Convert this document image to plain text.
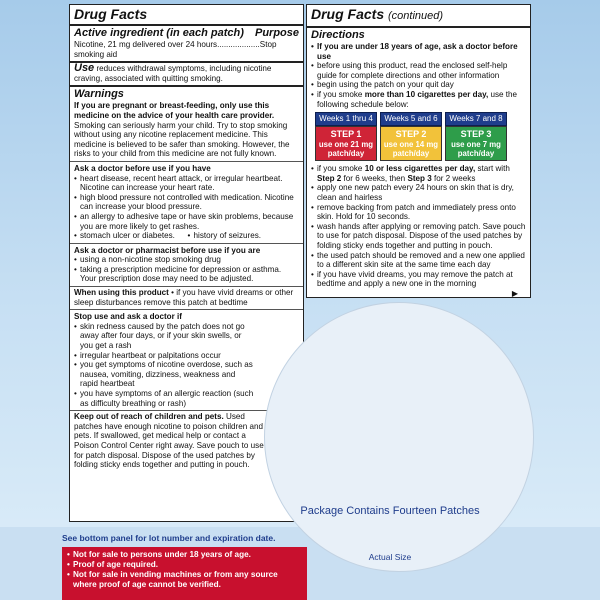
Drug Facts
Active ingredient (in each patch) Purpose
Nicotine, 21 mg delivered over 24 hours...................Stop smoking aid
Use reduces withdrawal symptoms, including nicotine craving, associated with quitting smoking.
Warnings
If you are pregnant or breast-feeding, only use this medicine on the advice of your health care provider. Smoking can seriously harm your child. Try to stop smoking without using any nicotine replacement medicine. This medicine is believed to be safer than smoking. However, the risks to your child from this medicine are not fully known.
Ask a doctor before use if you have
• heart disease, recent heart attack, or irregular heartbeat. Nicotine can increase your heart rate.
• high blood pressure not controlled with medication. Nicotine can increase your blood pressure.
• an allergy to adhesive tape or have skin problems, because you are more likely to get rashes.
• stomach ulcer or diabetes.
•	history of seizures.
Ask a doctor or pharmacist before use if you are
• using a non-nicotine stop smoking drug
• taking a prescription medicine for depression or asthma. Your prescription dose may need to be adjusted.
When using this product • if you have vivid dreams or other sleep disturbances remove this patch at bedtime
Stop use and ask a doctor if
• skin redness caused by the patch does not go away after four days, or if your skin swells, or you get a rash
• irregular heartbeat or palpitations occur
• you get symptoms of nicotine overdose, such as nausea, vomiting, dizziness, weakness and rapid heartbeat
• you have symptoms of an allergic reaction (such as difficulty breathing or rash)
Keep out of reach of children and pets. Used patches have enough nicotine to poison children and pets. If swallowed, get medical help or contact a Poison Control Center right away. Save pouch to use for patch disposal. Dispose of the used patches by folding sticky ends together and putting in pouch.
Drug Facts (continued)
Directions
• If you are under 18 years of age, ask a doctor before use
• before using this product, read the enclosed self-help guide for complete directions and other information
• begin using the patch on your quit day
• if you smoke more than 10 cigarettes per day, use the following schedule below:
Weeks 1 thru 4
STEP 1
use one 21 mg patch/day
Weeks 5 and 6
STEP 2
use one 14 mg patch/day
Weeks 7 and 8
STEP 3
use one 7 mg patch/day
• if you smoke 10 or less cigarettes per day, start with Step 2 for 6 weeks, then Step 3 for 2 weeks
• apply one new patch every 24 hours on skin that is dry, clean and hairless
• remove backing from patch and immediately press onto skin. Hold for 10 seconds.
• wash hands after applying or removing patch. Save pouch to use for patch disposal. Dispose of the used patches by folding sticky ends together and putting in pouch.
• the used patch should be removed and a new one applied to a different skin site at the same time each day
• if you have vivid dreams, you may remove the patch at bedtime and apply a new one in the morning
▶
Package Contains Fourteen Patches
Actual Size
See bottom panel for lot number and expiration date.
• Not for sale to persons under 18 years of age.
• Proof of age required.
• Not for sale in vending machines or from any source where proof of age cannot be verified.
